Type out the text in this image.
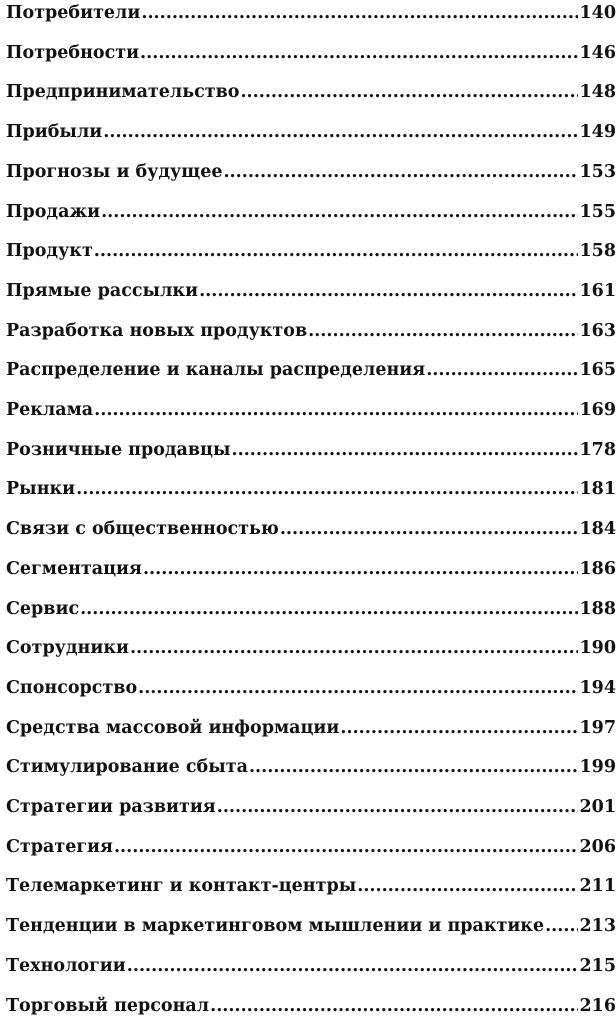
Потребители .....	140
Потребности .....	146
Предпринимательство .....	148
Прибыли .....	149
Прогнозы и будущее .....	153
Продажи .....	155
Продукт .....	158
Прямые рассылки .....	161
Разработка новых продуктов .....	163
Распределение и каналы распределения .....	165
Реклама .....	169
Розничные продавцы .....	178
Рынки .....	181
Связи с общественностью .....	184
Сегментация .....	186
Сервис .....	188
Сотрудники .....	190
Спонсорство .....	194
Средства массовой информации .....	197
Стимулирование сбыта .....	199
Стратегии развития .....	201
Стратегия .....	206
Телемаркетинг и контакт-центры .....	211
Тенденции в маркетинговом мышлении и практике ..... 213
Технологии .....	215
Торговый персонал .....	216
